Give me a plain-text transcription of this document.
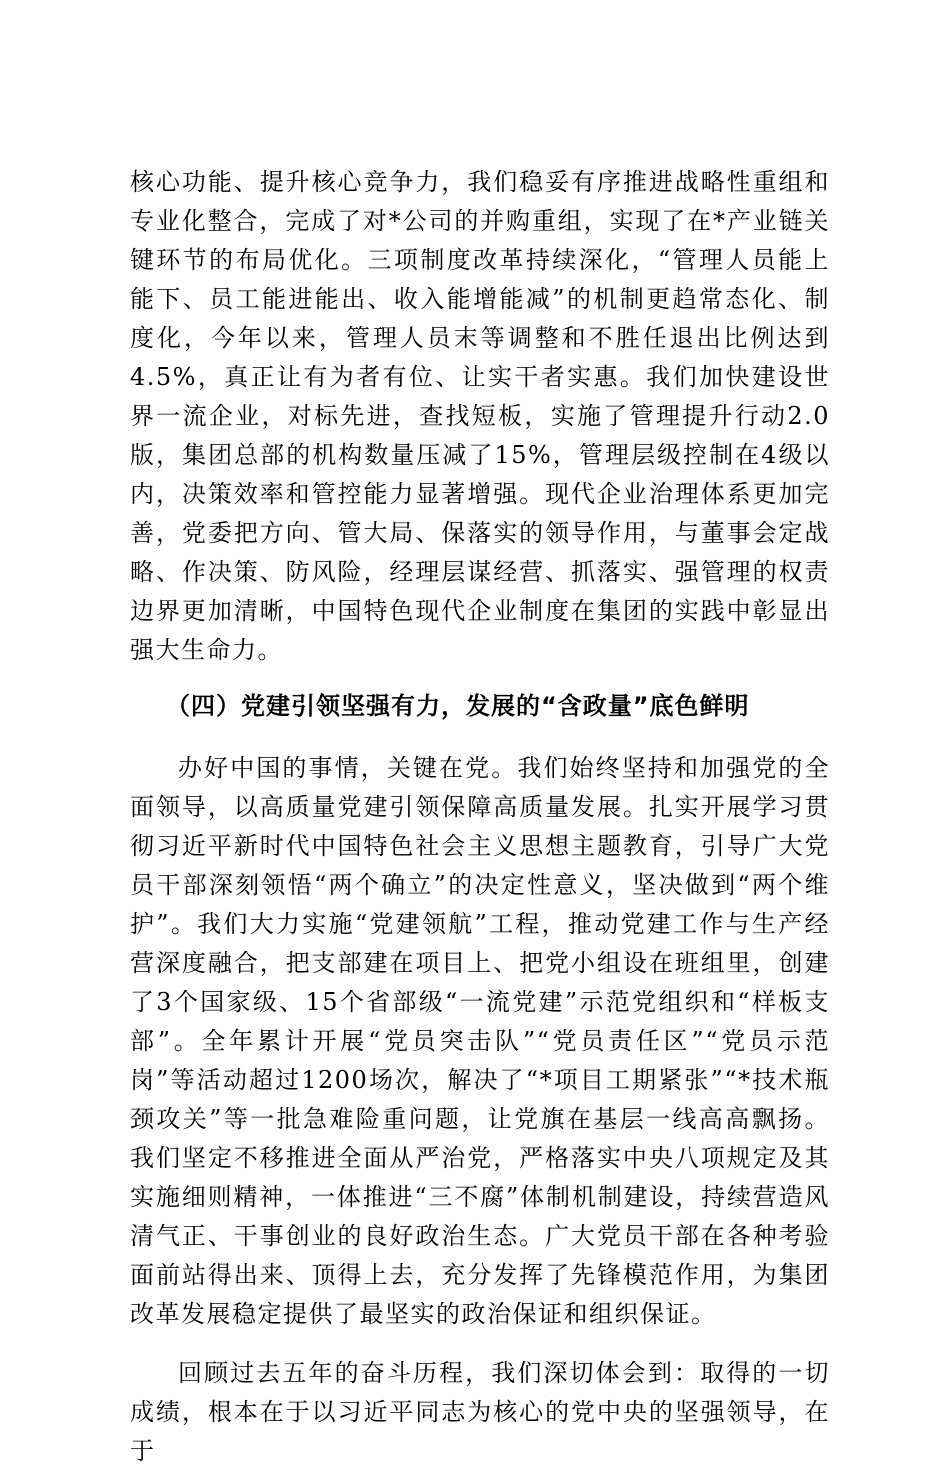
核心功能、提升核心竞争力，我们稳妥有序推进战略性重组和专业化整合，完成了对*公司的并购重组，实现了在*产业链关键环节的布局优化。三项制度改革持续深化，“管理人员能上能下、员工能进能出、收入能增能减”的机制更趋常态化、制度化，今年以来，管理人员末等调整和不胜任退出比例达到4.5%，真正让有为者有位、让实干者实惠。我们加快建设世界一流企业，对标先进，查找短板，实施了管理提升行动2.0版，集团总部的机构数量压减了15%，管理层级控制在4级以内，决策效率和管控能力显著增强。现代企业治理体系更加完善，党委把方向、管大局、保落实的领导作用，与董事会定战略、作决策、防风险，经理层谋经营、抓落实、强管理的权责边界更加清晰，中国特色现代企业制度在集团的实践中彰显出强大生命力。

（四）党建引领坚强有力，发展的“含政量”底色鲜明

办好中国的事情，关键在党。我们始终坚持和加强党的全面领导，以高质量党建引领保障高质量发展。扎实开展学习贯彻习近平新时代中国特色社会主义思想主题教育，引导广大党员干部深刻领悟“两个确立”的决定性意义，坚决做到“两个维护”。我们大力实施“党建领航”工程，推动党建工作与生产经营深度融合，把支部建在项目上、把党小组设在班组里，创建了3个国家级、15个省部级“一流党建”示范党组织和“样板支部”。全年累计开展“党员突击队”“党员责任区”“党员示范岗”等活动超过1200场次，解决了“*项目工期紧张”“*技术瓶颈攻关”等一批急难险重问题，让党旗在基层一线高高飘扬。我们坚定不移推进全面从严治党，严格落实中央八项规定及其实施细则精神，一体推进“三不腐”体制机制建设，持续营造风清气正、干事创业的良好政治生态。广大党员干部在各种考验面前站得出来、顶得上去，充分发挥了先锋模范作用，为集团改革发展稳定提供了最坚实的政治保证和组织保证。

回顾过去五年的奋斗历程，我们深切体会到：取得的一切成绩，根本在于以习近平同志为核心的党中央的坚强领导，在于
